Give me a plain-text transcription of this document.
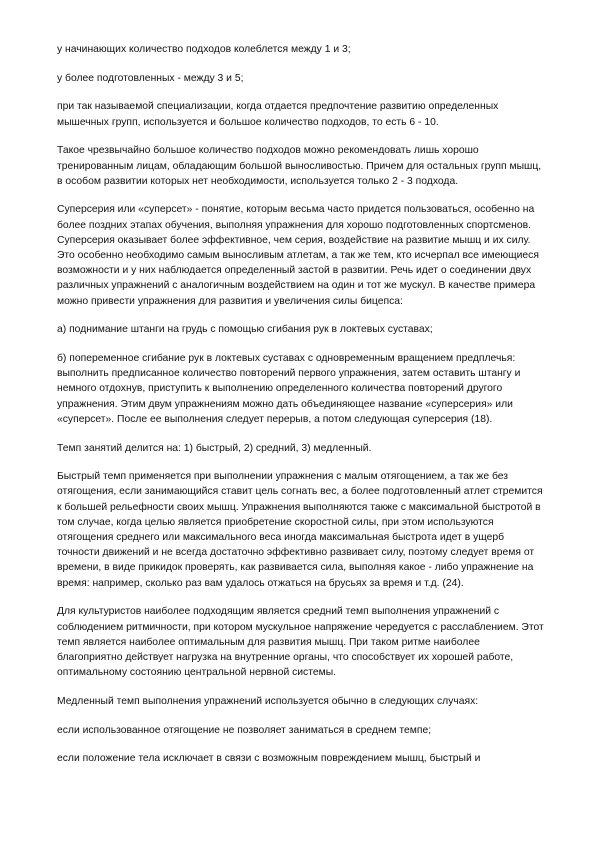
у начинающих количество подходов колеблется между 1 и 3;

у более подготовленных - между 3 и 5;

при так называемой специализации, когда отдается предпочтение развитию определенных мышечных групп, используется и большое количество подходов, то есть 6 - 10.

Такое чрезвычайно большое количество подходов можно рекомендовать лишь хорошо тренированным лицам, обладающим большой выносливостью. Причем для остальных групп мышц, в особом развитии которых нет необходимости, используется только 2 - 3 подхода.

Суперсерия или «суперсет» - понятие, которым весьма часто придется пользоваться, особенно на более поздних этапах обучения, выполняя упражнения для хорошо подготовленных спортсменов. Суперсерия оказывает более эффективное, чем серия, воздействие на развитие мышц и их силу. Это особенно необходимо самым выносливым атлетам, а так же тем, кто исчерпал все имеющиеся возможности и у них наблюдается определенный застой в развитии. Речь идет о соединении двух различных упражнений с аналогичным воздействием на один и тот же мускул. В качестве примера можно привести упражнения для развития и увеличения силы бицепса:

а) поднимание штанги на грудь с помощью сгибания рук в локтевых суставах;

б) попеременное сгибание рук в локтевых суставах с одновременным вращением предплечья: выполнить предписанное количество повторений первого упражнения, затем оставить штангу и немного отдохнув, приступить к выполнению определенного количества повторений другого упражнения. Этим двум упражнениям можно дать объединяющее название «суперсерия» или «суперсет». После ее выполнения следует перерыв, а потом следующая суперсерия (18).

Темп занятий делится на: 1) быстрый, 2) средний, 3) медленный.

Быстрый темп применяется при выполнении упражнения с малым отягощением, а так же без отягощения, если занимающийся ставит цель согнать вес, а более подготовленный атлет стремится к большей рельефности своих мышц. Упражнения выполняются также с максимальной быстротой в том случае, когда целью является приобретение скоростной силы, при этом используются отягощения среднего или максимального веса иногда максимальная быстрота идет в ущерб точности движений и не всегда достаточно эффективно развивает силу, поэтому следует время от времени, в виде прикидок проверять, как развивается сила, выполняя какое - либо упражнение на время: например, сколько раз вам удалось отжаться на брусьях за время и т.д. (24).

Для культуристов наиболее подходящим является средний темп выполнения упражнений с соблюдением ритмичности, при котором мускульное напряжение чередуется с расслаблением. Этот темп является наиболее оптимальным для развития мышц. При таком ритме наиболее благоприятно действует нагрузка на внутренние органы, что способствует их хорошей работе, оптимальному состоянию центральной нервной системы.

Медленный темп выполнения упражнений используется обычно в следующих случаях:

если использованное отягощение не позволяет заниматься в среднем темпе;

если положение тела исключает в связи с возможным повреждением мышц, быстрый и
